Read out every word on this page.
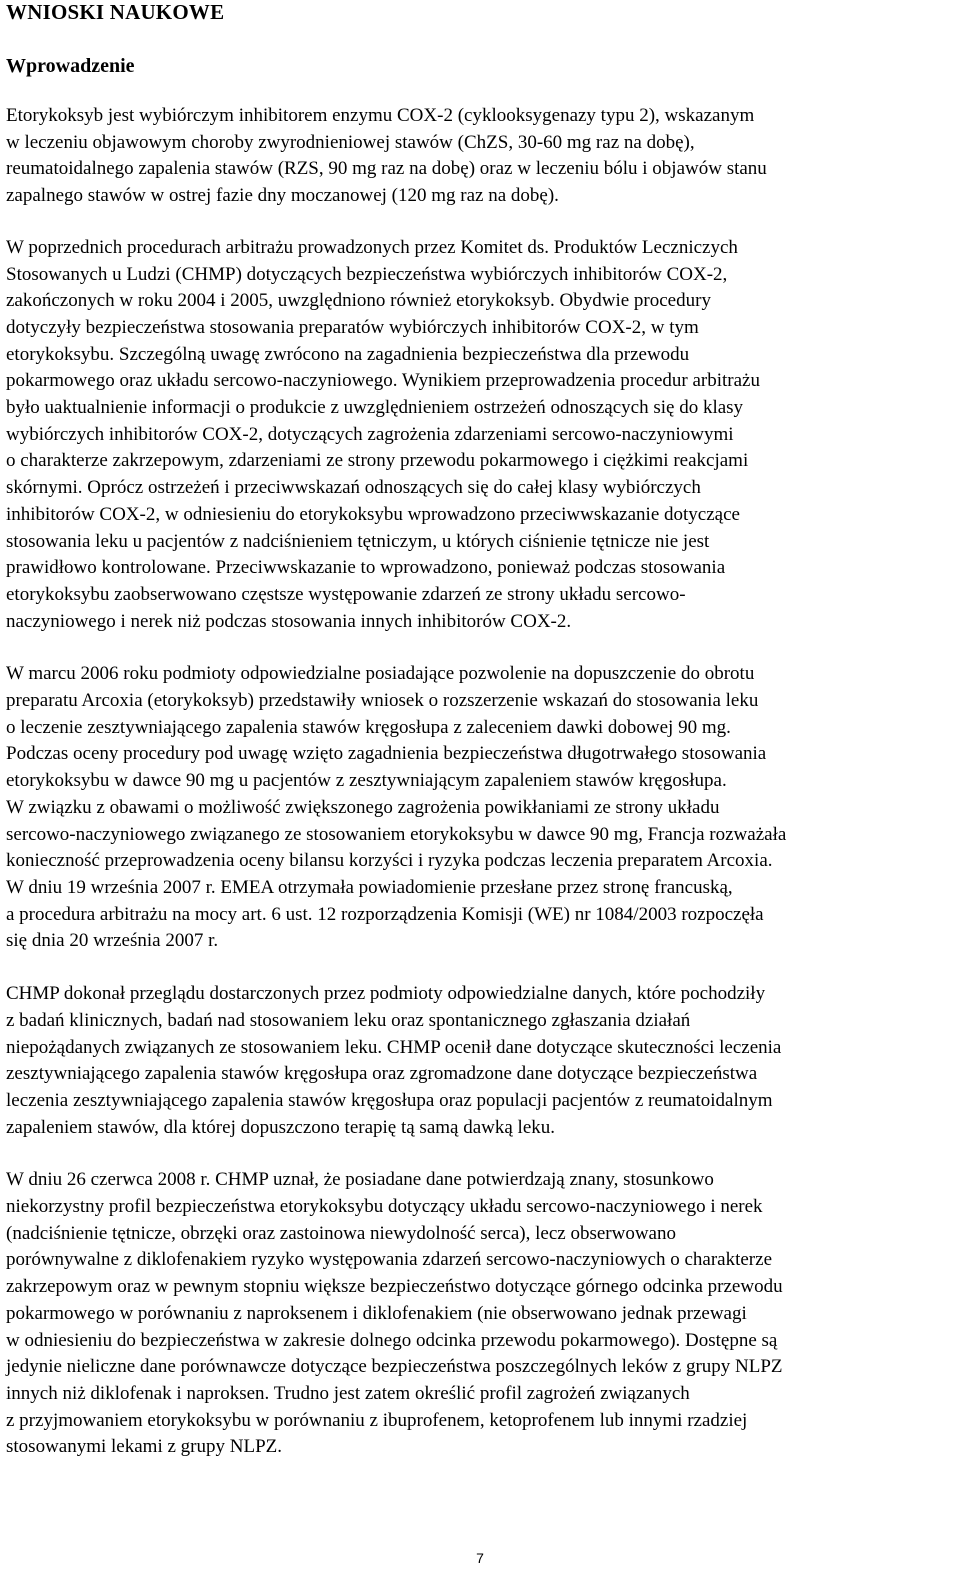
WNIOSKI NAUKOWE
Wprowadzenie

Etorykoksyb jest wybiórczym inhibitorem enzymu COX-2 (cyklooksygenazy typu 2), wskazanym
w leczeniu objawowym choroby zwyrodnieniowej stawów (ChZS, 30-60 mg raz na dobę),
reumatoidalnego zapalenia stawów (RZS, 90 mg raz na dobę) oraz w leczeniu bólu i objawów stanu
zapalnego stawów w ostrej fazie dny moczanowej (120 mg raz na dobę).

W poprzednich procedurach arbitrażu prowadzonych przez Komitet ds. Produktów Leczniczych
Stosowanych u Ludzi (CHMP) dotyczących bezpieczeństwa wybiórczych inhibitorów COX-2,
zakończonych w roku 2004 i 2005, uwzględniono również etorykoksyb. Obydwie procedury
dotyczyły bezpieczeństwa stosowania preparatów wybiórczych inhibitorów COX-2, w tym
etorykoksybu. Szczególną uwagę zwrócono na zagadnienia bezpieczeństwa dla przewodu
pokarmowego oraz układu sercowo-naczyniowego. Wynikiem przeprowadzenia procedur arbitrażu
było uaktualnienie informacji o produkcie z uwzględnieniem ostrzeżeń odnoszących się do klasy
wybiórczych inhibitorów COX-2, dotyczących zagrożenia zdarzeniami sercowo-naczyniowymi
o charakterze zakrzepowym, zdarzeniami ze strony przewodu pokarmowego i ciężkimi reakcjami
skórnymi. Oprócz ostrzeżeń i przeciwwskazań odnoszących się do całej klasy wybiórczych
inhibitorów COX-2, w odniesieniu do etorykoksybu wprowadzono przeciwwskazanie dotyczące
stosowania leku u pacjentów z nadciśnieniem tętniczym, u których ciśnienie tętnicze nie jest
prawidłowo kontrolowane. Przeciwwskazanie to wprowadzono, ponieważ podczas stosowania
etorykoksybu zaobserwowano częstsze występowanie zdarzeń ze strony układu sercowo-
naczyniowego i nerek niż podczas stosowania innych inhibitorów COX-2.

W marcu 2006 roku podmioty odpowiedzialne posiadające pozwolenie na dopuszczenie do obrotu
preparatu Arcoxia (etorykoksyb) przedstawiły wniosek o rozszerzenie wskazań do stosowania leku
o leczenie zesztywniającego zapalenia stawów kręgosłupa z zaleceniem dawki dobowej 90 mg.
Podczas oceny procedury pod uwagę wzięto zagadnienia bezpieczeństwa długotrwałego stosowania
etorykoksybu w dawce 90 mg u pacjentów z zesztywniającym zapaleniem stawów kręgosłupa.
W związku z obawami o możliwość zwiększonego zagrożenia powikłaniami ze strony układu
sercowo-naczyniowego związanego ze stosowaniem etorykoksybu w dawce 90 mg, Francja rozważała
konieczność przeprowadzenia oceny bilansu korzyści i ryzyka podczas leczenia preparatem Arcoxia.
W dniu 19 września 2007 r. EMEA otrzymała powiadomienie przesłane przez stronę francuską,
a procedura arbitrażu na mocy art. 6 ust. 12 rozporządzenia Komisji (WE) nr 1084/2003 rozpoczęła
się dnia 20 września 2007 r.

CHMP dokonał przeglądu dostarczonych przez podmioty odpowiedzialne danych, które pochodziły
z badań klinicznych, badań nad stosowaniem leku oraz spontanicznego zgłaszania działań
niepożądanych związanych ze stosowaniem leku. CHMP ocenił dane dotyczące skuteczności leczenia
zesztywniającego zapalenia stawów kręgosłupa oraz zgromadzone dane dotyczące bezpieczeństwa
leczenia zesztywniającego zapalenia stawów kręgosłupa oraz populacji pacjentów z reumatoidalnym
zapaleniem stawów, dla której dopuszczono terapię tą samą dawką leku.

W dniu 26 czerwca 2008 r. CHMP uznał, że posiadane dane potwierdzają znany, stosunkowo
niekorzystny profil bezpieczeństwa etorykoksybu dotyczący układu sercowo-naczyniowego i nerek
(nadciśnienie tętnicze, obrzęki oraz zastoinowa niewydolność serca), lecz obserwowano
porównywalne z diklofenakiem ryzyko występowania zdarzeń sercowo-naczyniowych o charakterze
zakrzepowym oraz w pewnym stopniu większe bezpieczeństwo dotyczące górnego odcinka przewodu
pokarmowego w porównaniu z naproksenem i diklofenakiem (nie obserwowano jednak przewagi
w odniesieniu do bezpieczeństwa w zakresie dolnego odcinka przewodu pokarmowego). Dostępne są
jedynie nieliczne dane porównawcze dotyczące bezpieczeństwa poszczególnych leków z grupy NLPZ
innych niż diklofenak i naproksen. Trudno jest zatem określić profil zagrożeń związanych
z przyjmowaniem etorykoksybu w porównaniu z ibuprofenem, ketoprofenem lub innymi rzadziej
stosowanymi lekami z grupy NLPZ.

7
